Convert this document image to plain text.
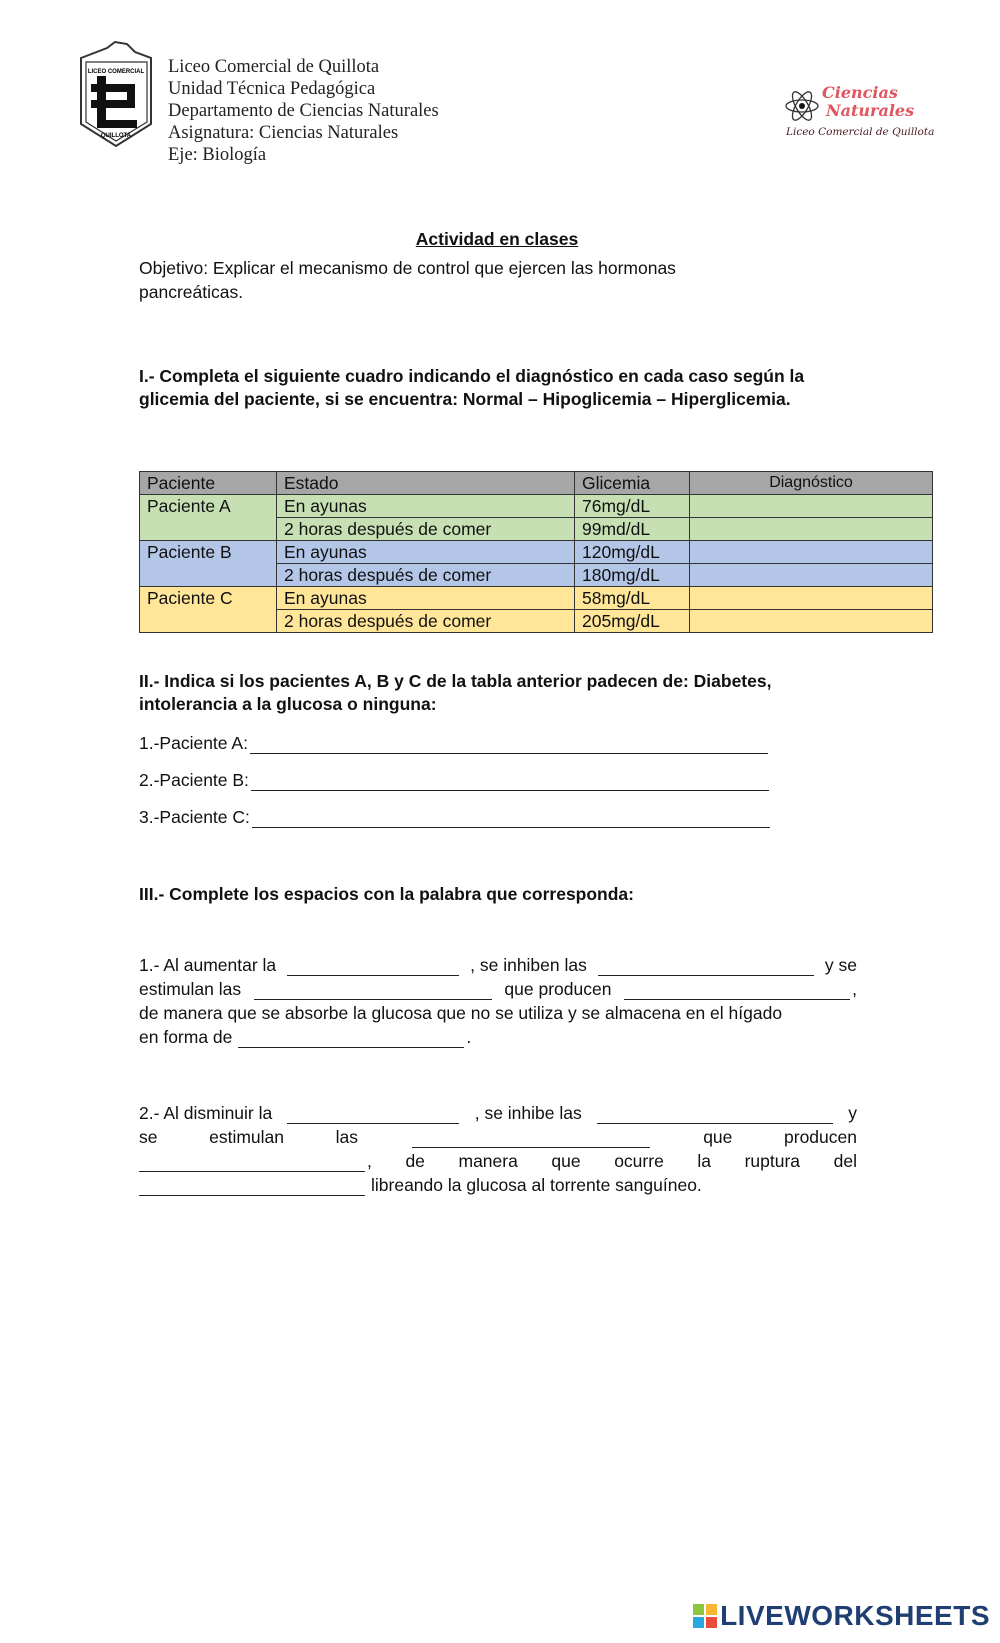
LICEO COMERCIAL
QUILLOTA
Liceo Comercial de Quillota
Unidad Técnica Pedagógica
Departamento de Ciencias Naturales
Asignatura: Ciencias Naturales
Eje: Biología
Ciencias
Naturales
Liceo Comercial de Quillota
Actividad en clases
Objetivo: Explicar el mecanismo de control que ejercen las hormonas pancreáticas.
I.- Completa el siguiente cuadro indicando el diagnóstico en cada caso según la glicemia del paciente, si se encuentra: Normal – Hipoglicemia – Hiperglicemia.
Paciente	Estado	Glicemia	Diagnóstico
Paciente A	En ayunas	76mg/dL	
	2 horas después de comer	99md/dL	
Paciente B	En ayunas	120mg/dL	
	2 horas después de comer	180mg/dL	
Paciente C	En ayunas	58mg/dL	
	2 horas después de comer	205mg/dL	
II.- Indica si los pacientes A, B y C de la tabla anterior padecen de: Diabetes, intolerancia a la glucosa o ninguna:
1.-Paciente A:
2.-Paciente B:
3.-Paciente C:
III.- Complete los espacios con la palabra que corresponda:
1.- Al aumentar la	, se inhiben las	y se
estimulan las	que producen	,
de manera que se absorbe la glucosa que no se utiliza y se almacena en el hígado
en forma de	.
2.- Al disminuir la	, se inhibe las	y
se	estimulan	las	que	producen
, de manera que ocurre la ruptura del
libreando la glucosa al torrente sanguíneo.
LIVEWORKSHEETS
